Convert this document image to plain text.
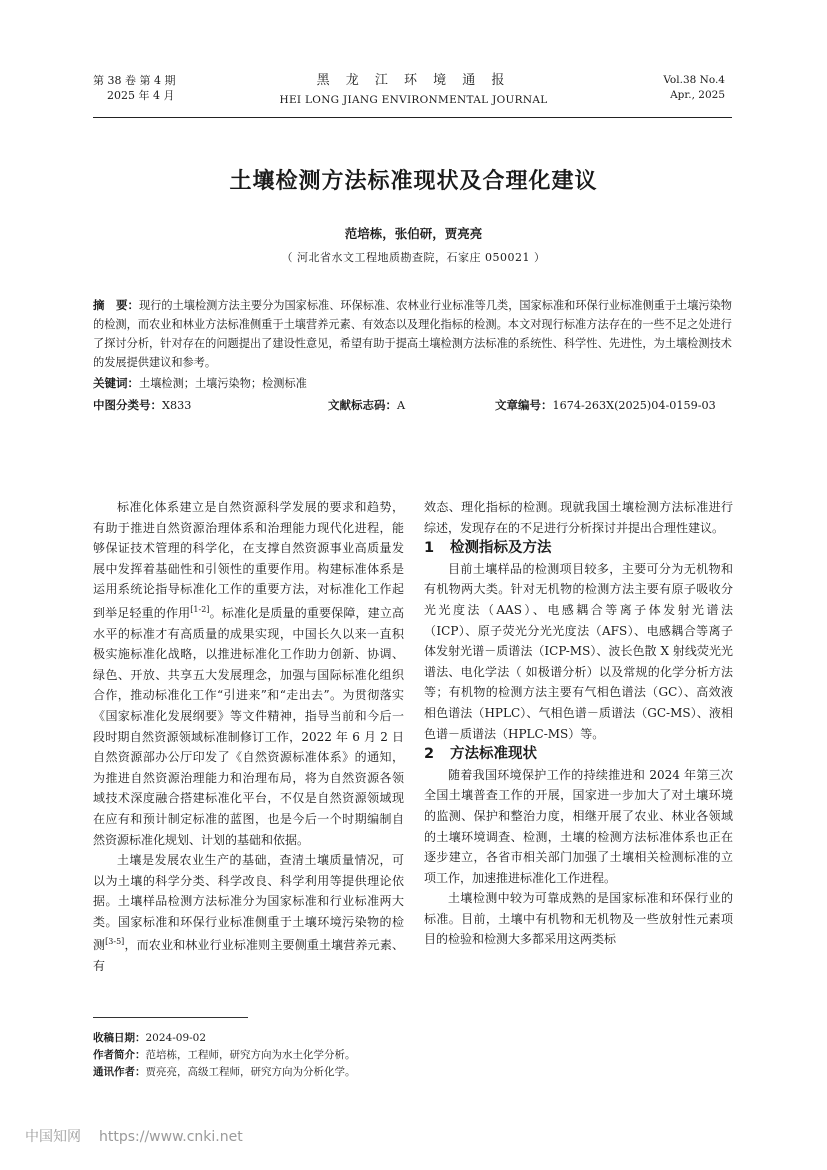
第 38 卷 第 4 期
2025 年 4 月
黑 龙 江 环 境 通 报
HEI LONG JIANG ENVIRONMENTAL JOURNAL
Vol.38 No.4
Apr., 2025
土壤检测方法标准现状及合理化建议
范培栋，张伯研，贾亮亮
（ 河北省水文工程地质勘查院，石家庄 050021 ）
摘　要：现行的土壤检测方法主要分为国家标准、环保标准、农林业行业标准等几类，国家标准和环保行业标准侧重于土壤污染物的检测，而农业和林业方法标准侧重于土壤营养元素、有效态以及理化指标的检测。本文对现行标准方法存在的一些不足之处进行了探讨分析，针对存在的问题提出了建设性意见，希望有助于提高土壤检测方法标准的系统性、科学性、先进性，为土壤检测技术的发展提供建议和参考。
关键词：土壤检测；土壤污染物；检测标准
中图分类号：X833	文献标志码：A	文章编号：1674-263X(2025)04-0159-03

标准化体系建立是自然资源科学发展的要求和趋势，有助于推进自然资源治理体系和治理能力现代化进程，能够保证技术管理的科学化，在支撑自然资源事业高质量发展中发挥着基础性和引领性的重要作用。构建标准体系是运用系统论指导标准化工作的重要方法，对标准化工作起到举足轻重的作用[1-2]。标准化是质量的重要保障，建立高水平的标准才有高质量的成果实现，中国长久以来一直积极实施标准化战略，以推进标准化工作助力创新、协调、绿色、开放、共享五大发展理念，加强与国际标准化组织合作，推动标准化工作“引进来”和“走出去”。为贯彻落实《国家标准化发展纲要》等文件精神，指导当前和今后一段时期自然资源领域标准制修订工作，2022 年 6 月 2 日自然资源部办公厅印发了《自然资源标准体系》的通知，为推进自然资源治理能力和治理布局，将为自然资源各领域技术深度融合搭建标准化平台，不仅是自然资源领域现在应有和预计制定标准的蓝图，也是今后一个时期编制自然资源标准化规划、计划的基础和依据。

土壤是发展农业生产的基础，查清土壤质量情况，可以为土壤的科学分类、科学改良、科学利用等提供理论依据。土壤样品检测方法标准分为国家标准和行业标准两大类。国家标准和环保行业标准侧重于土壤环境污染物的检测[3-5]，而农业和林业行业标准则主要侧重土壤营养元素、有

效态、理化指标的检测。现就我国土壤检测方法标准进行综述，发现存在的不足进行分析探讨并提出合理性建议。

1 检测指标及方法

目前土壤样品的检测项目较多，主要可分为无机物和有机物两大类。针对无机物的检测方法主要有原子吸收分光光度法（AAS）、电感耦合等离子体发射光谱法（ICP）、原子荧光分光光度法（AFS）、电感耦合等离子体发射光谱－质谱法（ICP-MS）、波长色散 X 射线荧光光谱法、电化学法（ 如极谱分析）以及常规的化学分析方法等；有机物的检测方法主要有气相色谱法（GC）、高效液相色谱法（HPLC）、气相色谱－质谱法（GC-MS）、液相色谱－质谱法（HPLC-MS）等。

2 方法标准现状

随着我国环境保护工作的持续推进和 2024 年第三次全国土壤普查工作的开展，国家进一步加大了对土壤环境的监测、保护和整治力度，相继开展了农业、林业各领域的土壤环境调查、检测，土壤的检测方法标准体系也正在逐步建立，各省市相关部门加强了土壤相关检测标准的立项工作，加速推进标准化工作进程。

土壤检测中较为可靠成熟的是国家标准和环保行业的标准。目前，土壤中有机物和无机物及一些放射性元素项目的检验和检测大多都采用这两类标

收稿日期：2024-09-02
作者简介：范培栋，工程师，研究方向为水土化学分析。
通讯作者：贾亮亮，高级工程师，研究方向为分析化学。
中国知网 https://www.cnki.net
